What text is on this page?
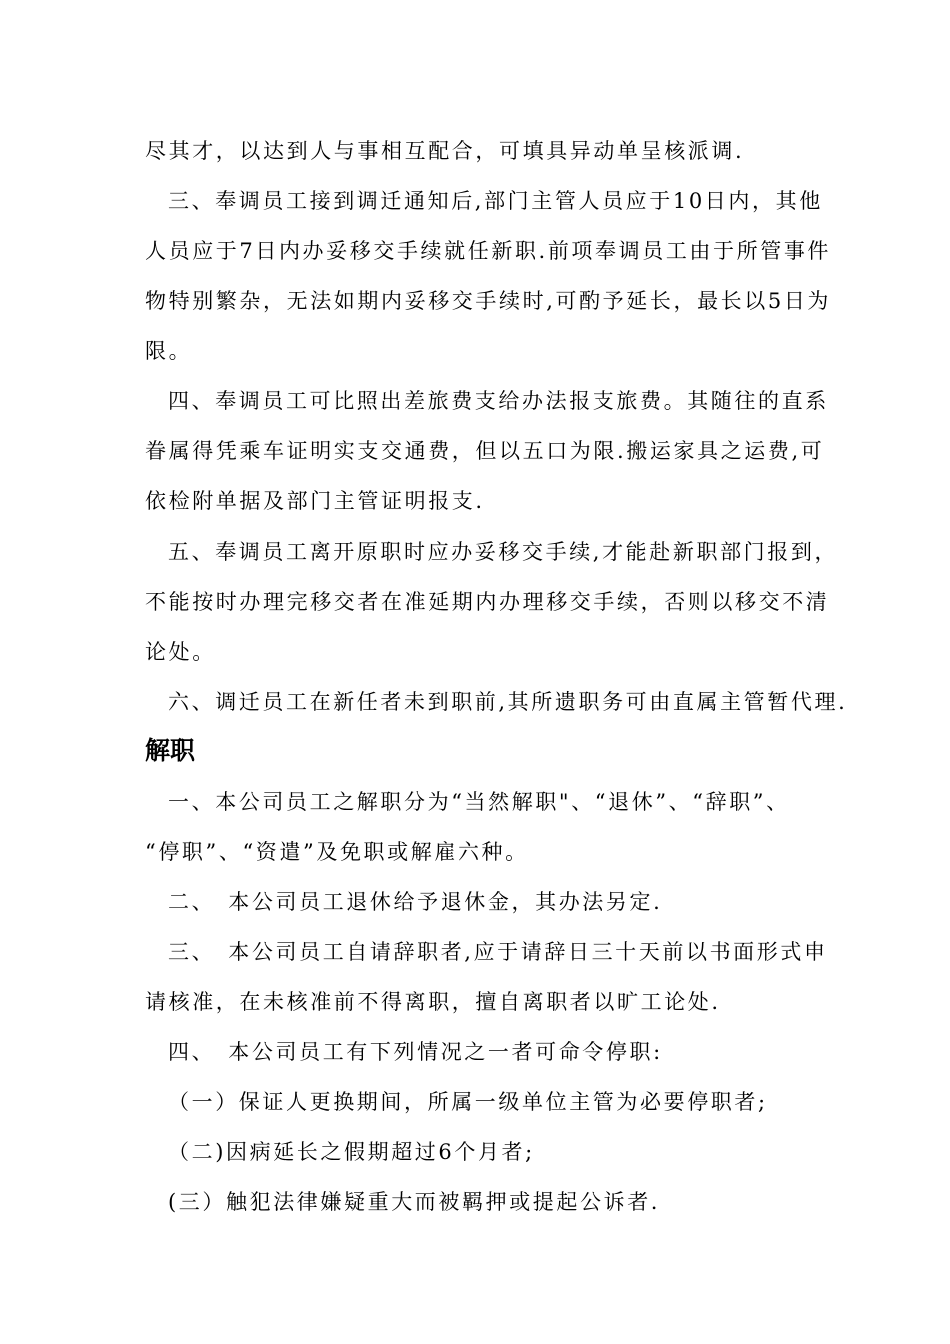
尽其才，以达到人与事相互配合，可填具异动单呈核派调.
三、奉调员工接到调迁通知后,部门主管人员应于10日内，其他
人员应于7日内办妥移交手续就任新职.前项奉调员工由于所管事件
物特别繁杂，无法如期内妥移交手续时,可酌予延长，最长以5日为
限。
四、奉调员工可比照出差旅费支给办法报支旅费。其随往的直系
眷属得凭乘车证明实支交通费，但以五口为限.搬运家具之运费,可
依检附单据及部门主管证明报支.
五、奉调员工离开原职时应办妥移交手续,才能赴新职部门报到，
不能按时办理完移交者在准延期内办理移交手续，否则以移交不清
论处。
六、调迁员工在新任者未到职前,其所遗职务可由直属主管暂代理.
解职
一、本公司员工之解职分为“当然解职"、“退休”、“辞职”、
“停职”、“资遣”及免职或解雇六种。
二、　本公司员工退休给予退休金，其办法另定.
三、　本公司员工自请辞职者,应于请辞日三十天前以书面形式申
请核准，在未核准前不得离职，擅自离职者以旷工论处.
四、　本公司员工有下列情况之一者可命令停职:
（一）保证人更换期间，所属一级单位主管为必要停职者;
（二)因病延长之假期超过6个月者;
(三）触犯法律嫌疑重大而被羁押或提起公诉者.
